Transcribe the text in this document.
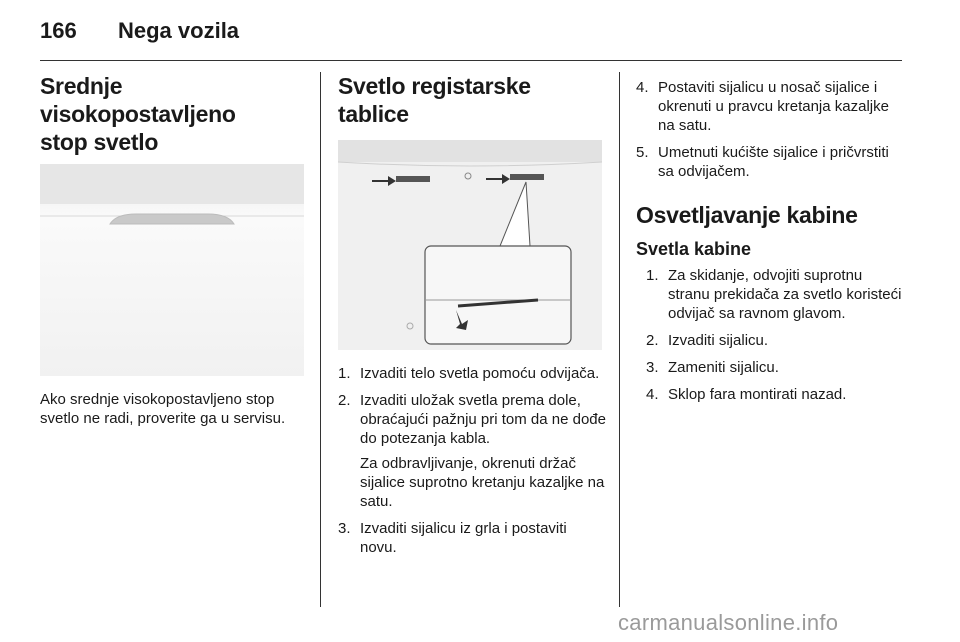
166	Nega vozila
Srednje visokopostavljeno
stop svetlo

Ako srednje visokopostavljeno stop svetlo ne radi, proverite ga u servisu.

Svetlo registarske tablice
1. Izvaditi telo svetla pomoću odvijača.

2. Izvaditi uložak svetla prema dole, obraćajući pažnju pri tom da ne dođe do potezanja kabla.

Za odbravljivanje, okrenuti držač sijalice suprotno kretanju kazaljke na satu.

3. Izvaditi sijalicu iz grla i postaviti novu.

4. Postaviti sijalicu u nosač sijalice i okrenuti u pravcu kretanja kazaljke na satu.

5. Umetnuti kućište sijalice i pričvrstiti sa odvijačem.

Osvetljavanje kabine
Svetla kabine
1. Za skidanje, odvojiti suprotnu stranu prekidača za svetlo koristeći odvijač sa ravnom glavom.

2. Izvaditi sijalicu.

3. Zameniti sijalicu.

4. Sklop fara montirati nazad.

carmanualsonline.info
